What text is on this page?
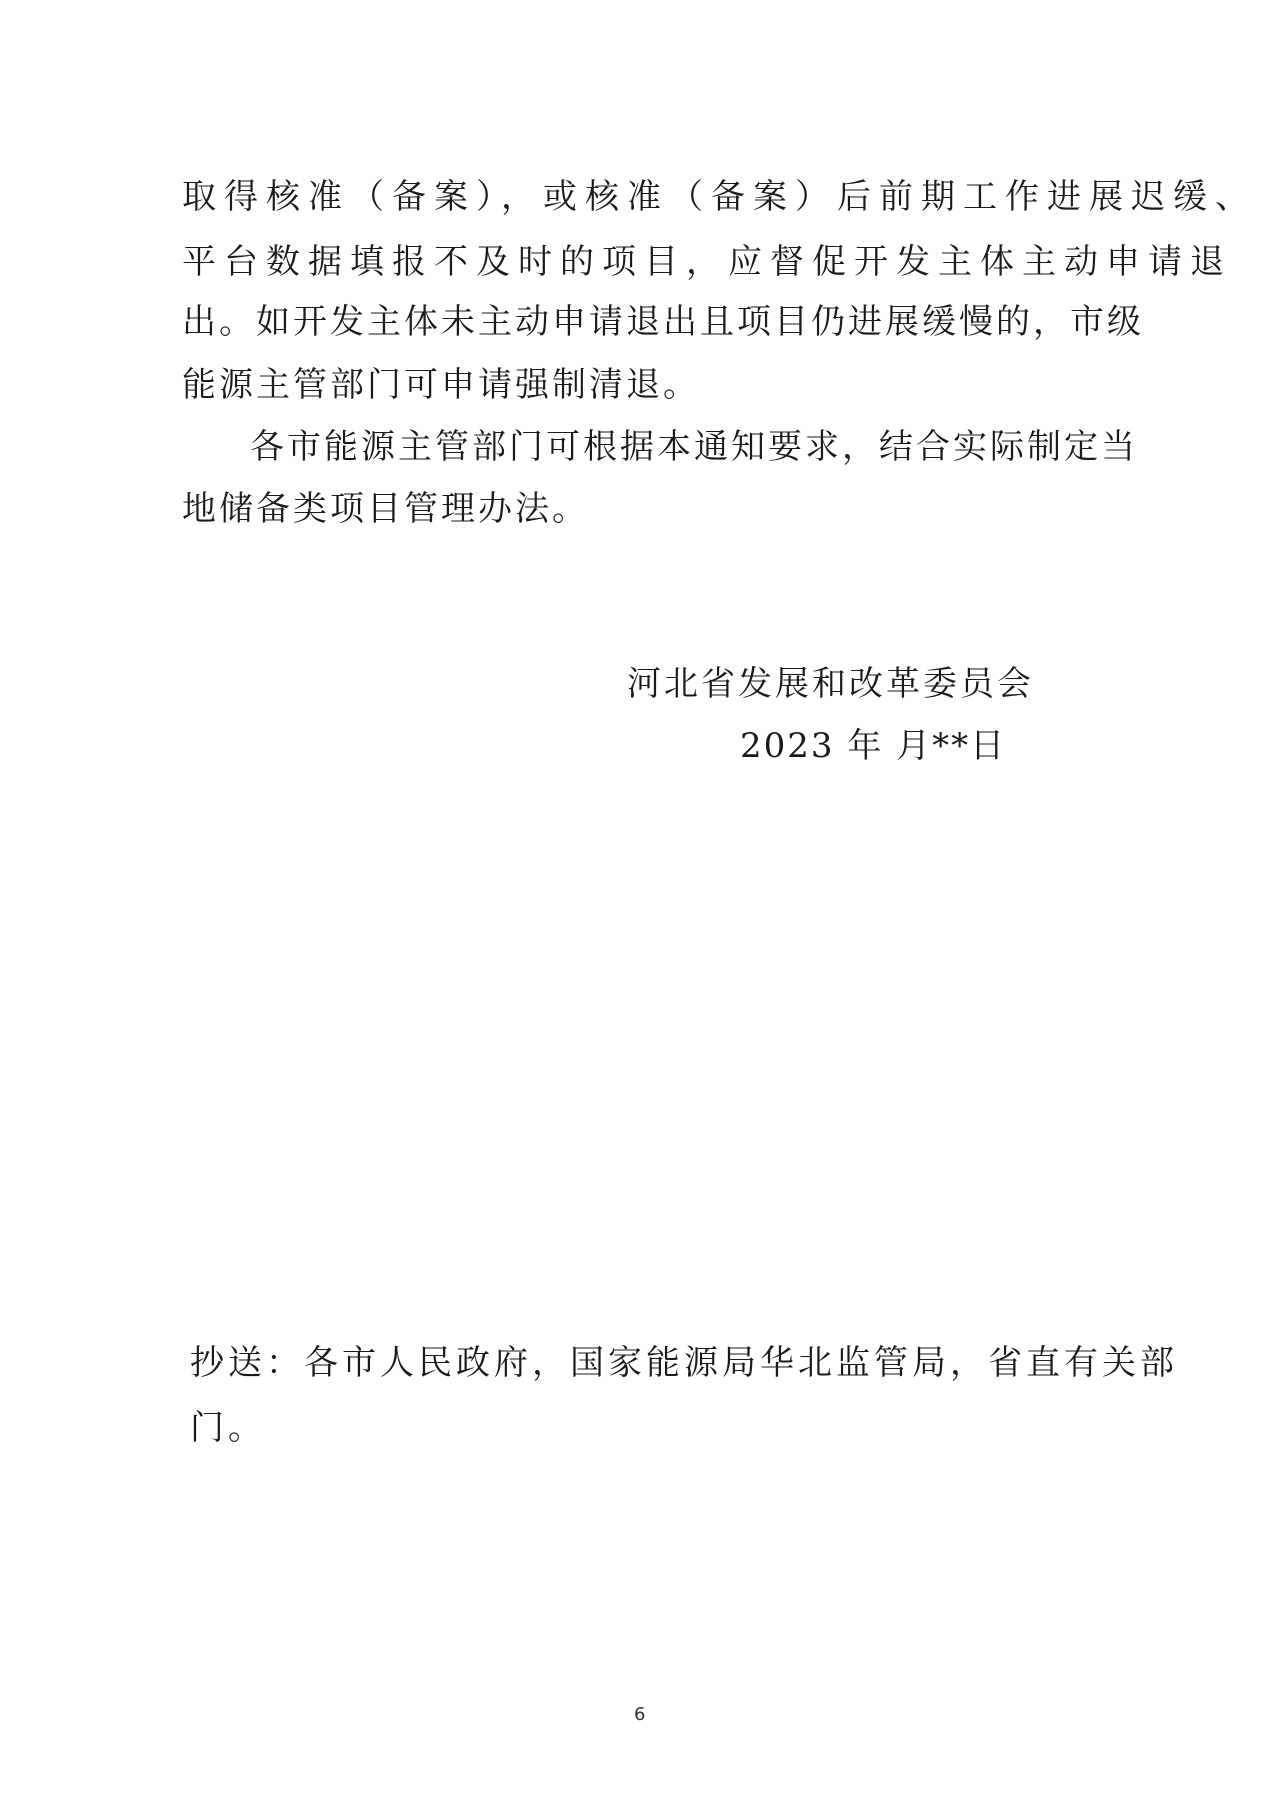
取得核准（备案），或核准（备案）后前期工作进展迟缓、
平台数据填报不及时的项目，应督促开发主体主动申请退
出。如开发主体未主动申请退出且项目仍进展缓慢的，市级
能源主管部门可申请强制清退。
各市能源主管部门可根据本通知要求，结合实际制定当
地储备类项目管理办法。
河北省发展和改革委员会
2023 年 月**日
抄送：各市人民政府，国家能源局华北监管局，省直有关部
门。
6
